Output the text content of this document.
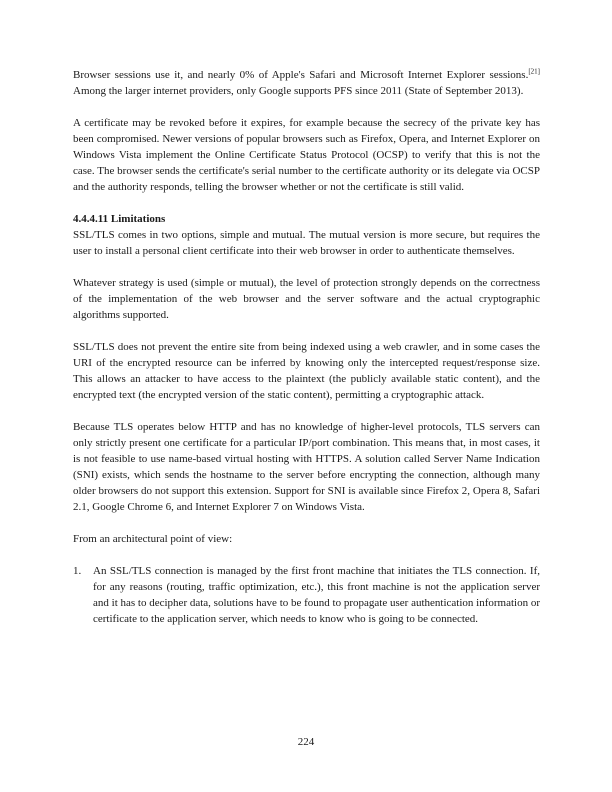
Browser sessions use it, and nearly 0% of Apple's Safari and Microsoft Internet Explorer sessions.[21] Among the larger internet providers, only Google supports PFS since 2011 (State of September 2013).

A certificate may be revoked before it expires, for example because the secrecy of the private key has been compromised. Newer versions of popular browsers such as Firefox, Opera, and Internet Explorer on Windows Vista implement the Online Certificate Status Protocol (OCSP) to verify that this is not the case. The browser sends the certificate's serial number to the certificate authority or its delegate via OCSP and the authority responds, telling the browser whether or not the certificate is still valid.

4.4.4.11 Limitations

SSL/TLS comes in two options, simple and mutual. The mutual version is more secure, but requires the user to install a personal client certificate into their web browser in order to authenticate themselves.

Whatever strategy is used (simple or mutual), the level of protection strongly depends on the correctness of the implementation of the web browser and the server software and the actual cryptographic algorithms supported.

SSL/TLS does not prevent the entire site from being indexed using a web crawler, and in some cases the URI of the encrypted resource can be inferred by knowing only the intercepted request/response size. This allows an attacker to have access to the plaintext (the publicly available static content), and the encrypted text (the encrypted version of the static content), permitting a cryptographic attack.

Because TLS operates below HTTP and has no knowledge of higher-level protocols, TLS servers can only strictly present one certificate for a particular IP/port combination. This means that, in most cases, it is not feasible to use name-based virtual hosting with HTTPS. A solution called Server Name Indication (SNI) exists, which sends the hostname to the server before encrypting the connection, although many older browsers do not support this extension. Support for SNI is available since Firefox 2, Opera 8, Safari 2.1, Google Chrome 6, and Internet Explorer 7 on Windows Vista.

From an architectural point of view:

1. An SSL/TLS connection is managed by the first front machine that initiates the TLS connection. If, for any reasons (routing, traffic optimization, etc.), this front machine is not the application server and it has to decipher data, solutions have to be found to propagate user authentication information or certificate to the application server, which needs to know who is going to be connected.
224
